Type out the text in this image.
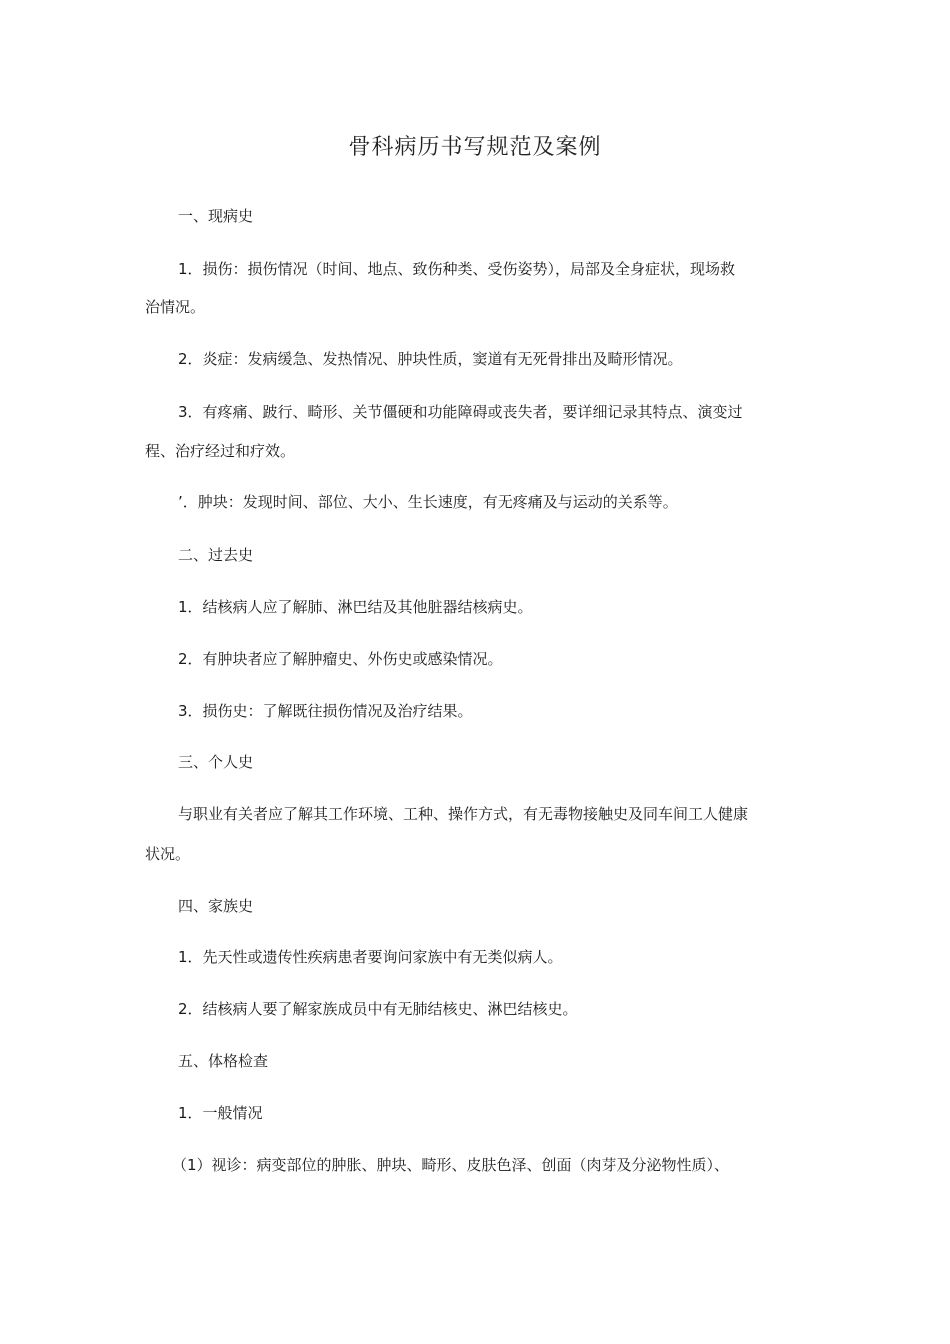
骨科病历书写规范及案例
一、现病史
1．损伤：损伤情况（时间、地点、致伤种类、受伤姿势），局部及全身症状，现场救
治情况。
2．炎症：发病缓急、发热情况、肿块性质，窦道有无死骨排出及畸形情况。
3．有疼痛、跛行、畸形、关节僵硬和功能障碍或丧失者，要详细记录其特点、演变过
程、治疗经过和疗效。
’．肿块：发现时间、部位、大小、生长速度，有无疼痛及与运动的关系等。
二、过去史
1．结核病人应了解肺、淋巴结及其他脏器结核病史。
2．有肿块者应了解肿瘤史、外伤史或感染情况。
3．损伤史：了解既往损伤情况及治疗结果。
三、个人史
与职业有关者应了解其工作环境、工种、操作方式，有无毒物接触史及同车间工人健康
状况。
四、家族史
1．先天性或遗传性疾病患者要询问家族中有无类似病人。
2．结核病人要了解家族成员中有无肺结核史、淋巴结核史。
五、体格检查
1．一般情况
（1）视诊：病变部位的肿胀、肿块、畸形、皮肤色泽、创面（肉芽及分泌物性质）、
